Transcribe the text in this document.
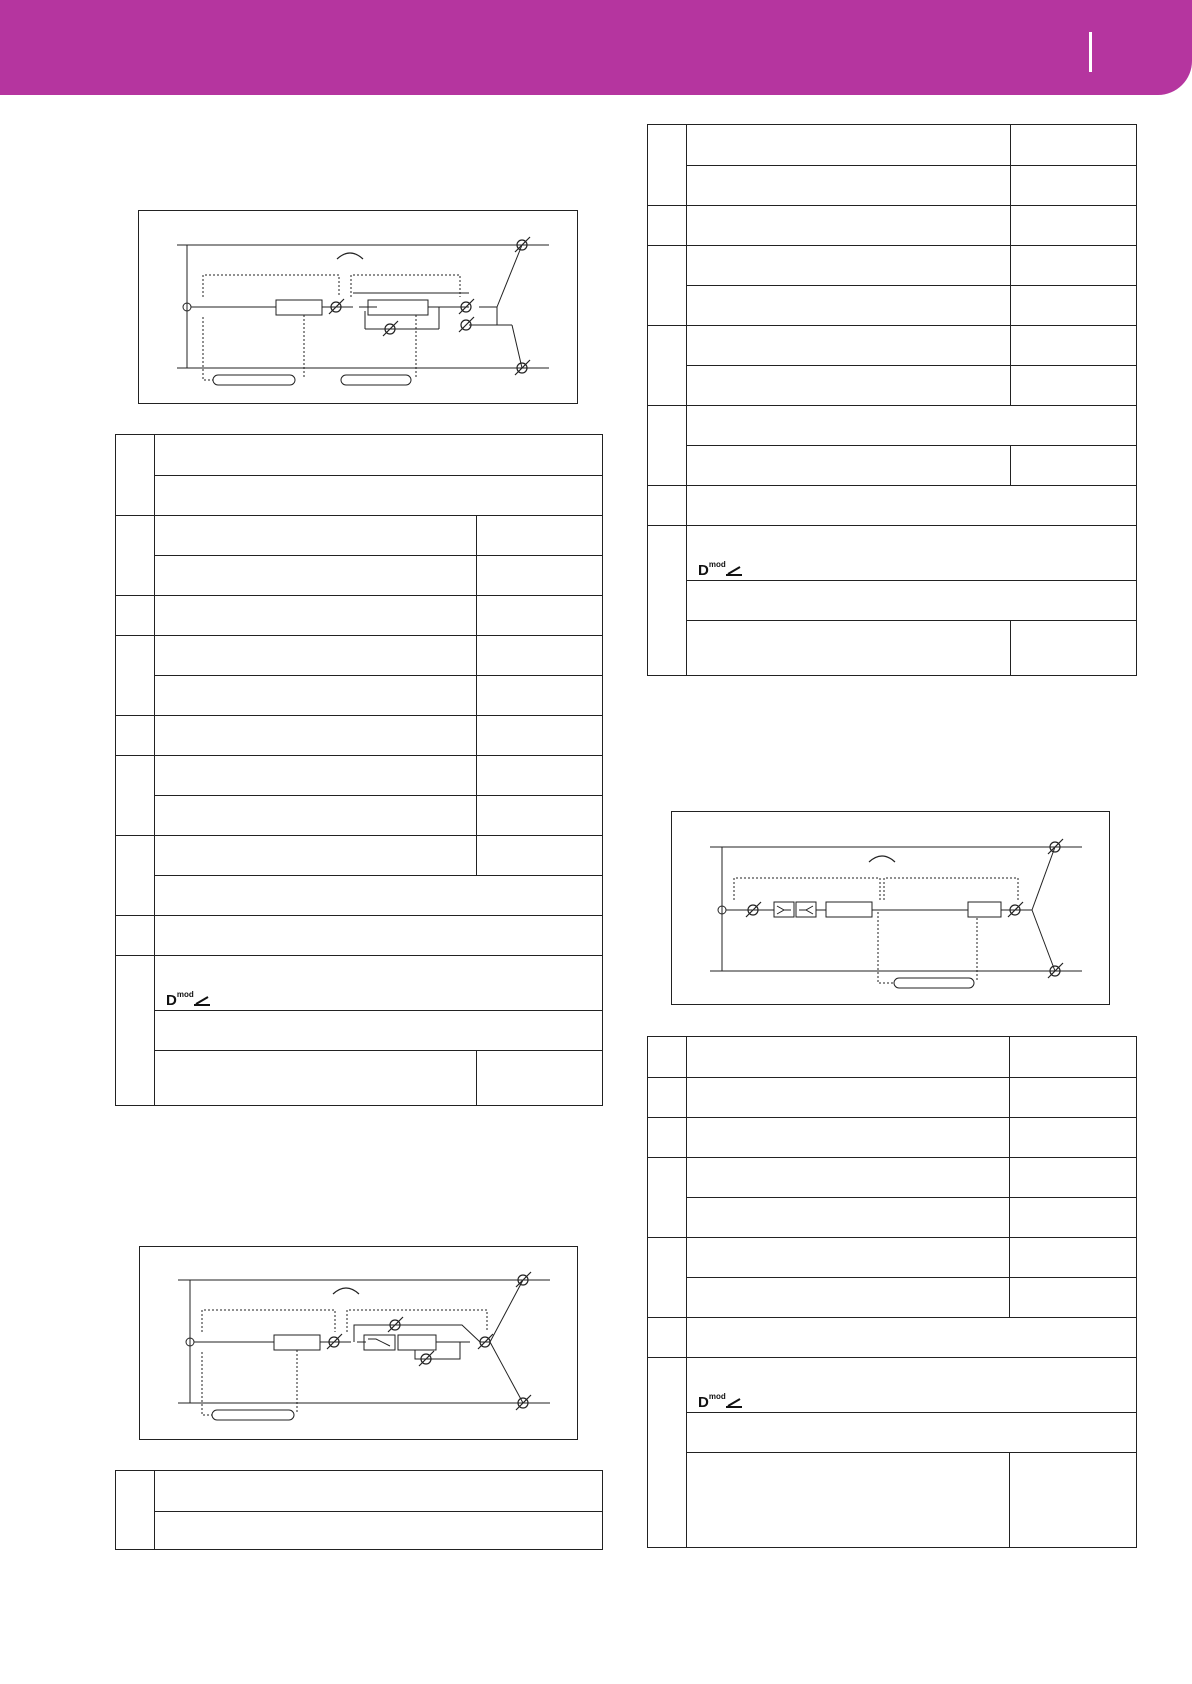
$D^{mod}$
$D^{mod}$
$D^{mod}$
